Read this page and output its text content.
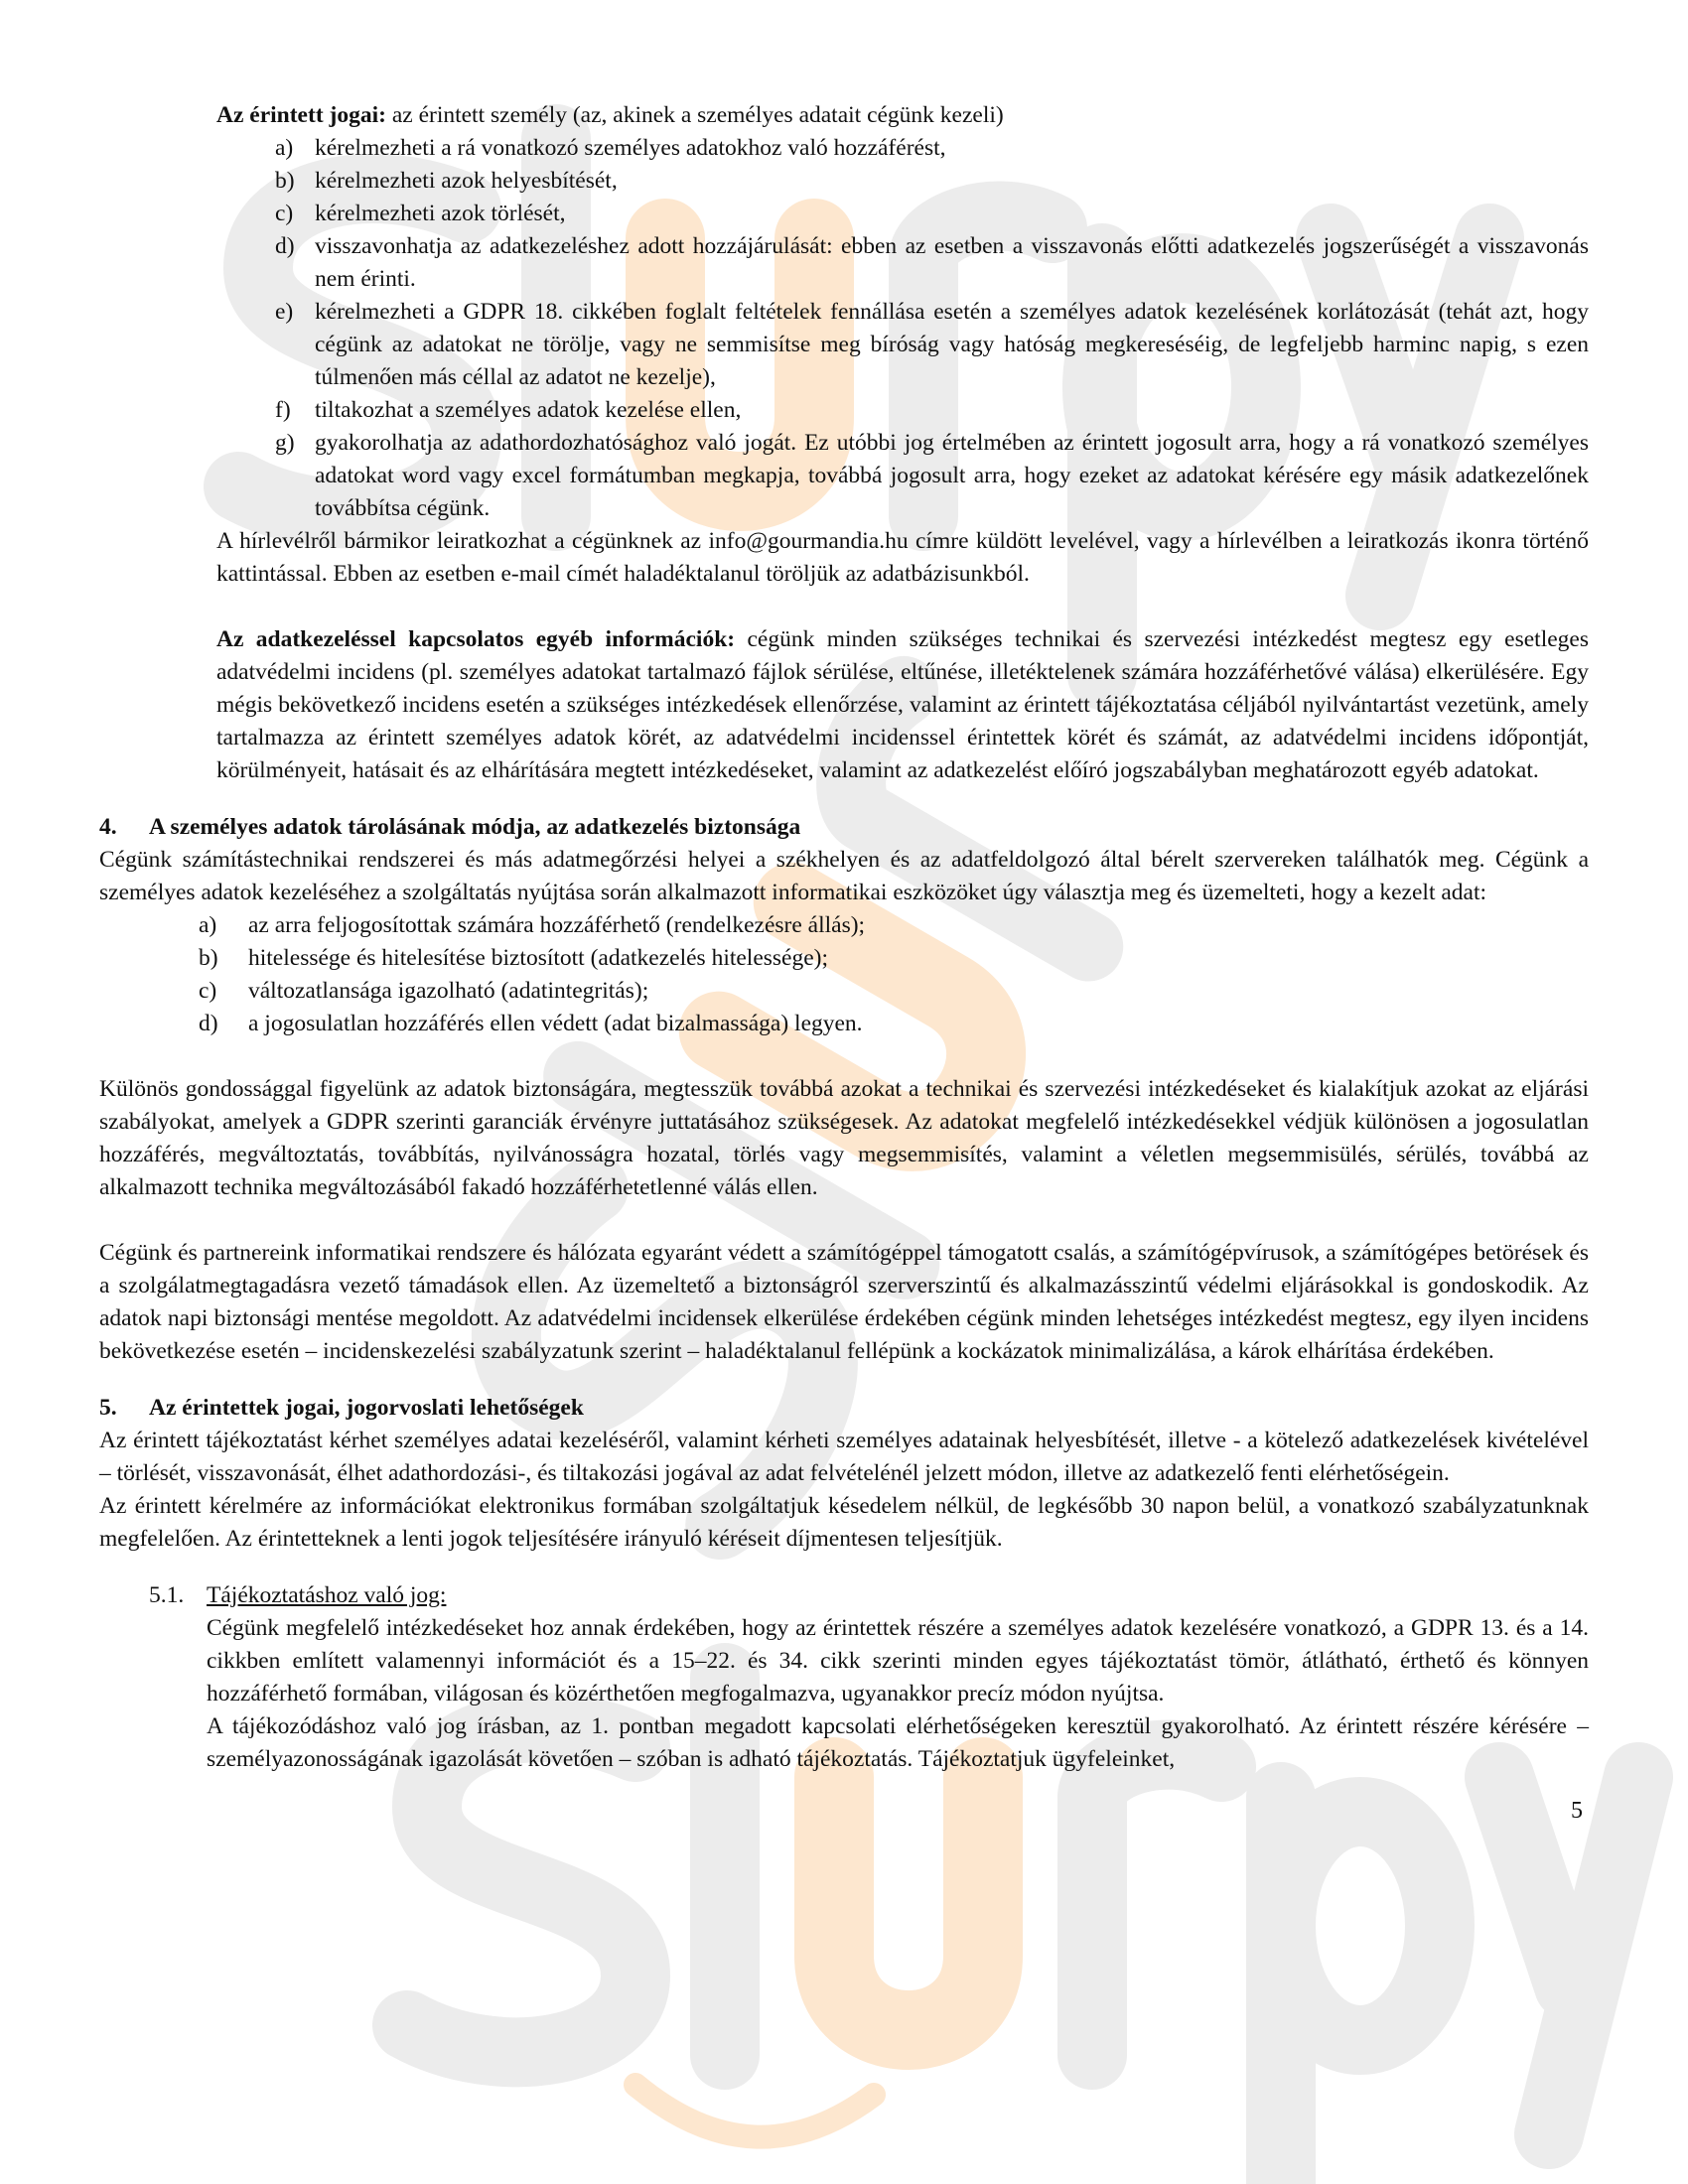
Az érintett jogai: az érintett személy (az, akinek a személyes adatait cégünk kezeli)

a) kérelmezheti a rá vonatkozó személyes adatokhoz való hozzáférést,
b) kérelmezheti azok helyesbítését,
c) kérelmezheti azok törlését,
d) visszavonhatja az adatkezeléshez adott hozzájárulását: ebben az esetben a visszavonás előtti adatkezelés jogszerűségét a visszavonás nem érinti.
e) kérelmezheti a GDPR 18. cikkében foglalt feltételek fennállása esetén a személyes adatok kezelésének korlátozását (tehát azt, hogy cégünk az adatokat ne törölje, vagy ne semmisítse meg bíróság vagy hatóság megkereséséig, de legfeljebb harminc napig, s ezen túlmenően más céllal az adatot ne kezelje),
f)	tiltakozhat a személyes adatok kezelése ellen,
g) gyakorolhatja az adathordozhatósághoz való jogát. Ez utóbbi jog értelmében az érintett jogosult arra, hogy a rá vonatkozó személyes adatokat word vagy excel formátumban megkapja, továbbá jogosult arra, hogy ezeket az adatokat kérésére egy másik adatkezelőnek továbbítsa cégünk.

A hírlevélről bármikor leiratkozhat a cégünknek az info@gourmandia.hu címre küldött levelével, vagy a hírlevélben a leiratkozás ikonra történő kattintással. Ebben az esetben e-mail címét haladéktalanul töröljük az adatbázisunkból.

Az adatkezeléssel kapcsolatos egyéb információk: cégünk minden szükséges technikai és szervezési intézkedést megtesz egy esetleges adatvédelmi incidens (pl. személyes adatokat tartalmazó fájlok sérülése, eltűnése, illetéktelenek számára hozzáférhetővé válása) elkerülésére. Egy mégis bekövetkező incidens esetén a szükséges intézkedések ellenőrzése, valamint az érintett tájékoztatása céljából nyilvántartást vezetünk, amely tartalmazza az érintett személyes adatok körét, az adatvédelmi incidenssel érintettek körét és számát, az adatvédelmi incidens időpontját, körülményeit, hatásait és az elhárítására megtett intézkedéseket, valamint az adatkezelést előíró jogszabályban meghatározott egyéb adatokat.

4.	A személyes adatok tárolásának módja, az adatkezelés biztonsága

Cégünk számítástechnikai rendszerei és más adatmegőrzési helyei a székhelyen és az adatfeldolgozó által bérelt szervereken találhatók meg. Cégünk a személyes adatok kezeléséhez a szolgáltatás nyújtása során alkalmazott informatikai eszközöket úgy választja meg és üzemelteti, hogy a kezelt adat:

a)	az arra feljogosítottak számára hozzáférhető (rendelkezésre állás);
b)	hitelessége és hitelesítése biztosított (adatkezelés hitelessége);
c)	változatlansága igazolható (adatintegritás);
d)	a jogosulatlan hozzáférés ellen védett (adat bizalmassága) legyen.

Különös gondossággal figyelünk az adatok biztonságára, megtesszük továbbá azokat a technikai és szervezési intézkedéseket és kialakítjuk azokat az eljárási szabályokat, amelyek a GDPR szerinti garanciák érvényre juttatásához szükségesek. Az adatokat megfelelő intézkedésekkel védjük különösen a jogosulatlan hozzáférés, megváltoztatás, továbbítás, nyilvánosságra hozatal, törlés vagy megsemmisítés, valamint a véletlen megsemmisülés, sérülés, továbbá az alkalmazott technika megváltozásából fakadó hozzáférhetetlenné válás ellen.

Cégünk és partnereink informatikai rendszere és hálózata egyaránt védett a számítógéppel támogatott csalás, a számítógépvírusok, a számítógépes betörések és a szolgálatmegtagadásra vezető támadások ellen. Az üzemeltető a biztonságról szerverszintű és alkalmazásszintű védelmi eljárásokkal is gondoskodik. Az adatok napi biztonsági mentése megoldott. Az adatvédelmi incidensek elkerülése érdekében cégünk minden lehetséges intézkedést megtesz, egy ilyen incidens bekövetkezése esetén – incidenskezelési szabályzatunk szerint – haladéktalanul fellépünk a kockázatok minimalizálása, a károk elhárítása érdekében.

5.	Az érintettek jogai, jogorvoslati lehetőségek

Az érintett tájékoztatást kérhet személyes adatai kezeléséről, valamint kérheti személyes adatainak helyesbítését, illetve - a kötelező adatkezelések kivételével – törlését, visszavonását, élhet adathordozási-, és tiltakozási jogával az adat felvételénél jelzett módon, illetve az adatkezelő fenti elérhetőségein.

Az érintett kérelmére az információkat elektronikus formában szolgáltatjuk késedelem nélkül, de legkésőbb 30 napon belül, a vonatkozó szabályzatunknak megfelelően. Az érintetteknek a lenti jogok teljesítésére irányuló kéréseit díjmentesen teljesítjük.

5.1. Tájékoztatáshoz való jog:

Cégünk megfelelő intézkedéseket hoz annak érdekében, hogy az érintettek részére a személyes adatok kezelésére vonatkozó, a GDPR 13. és a 14. cikkben említett valamennyi információt és a 15–22. és 34. cikk szerinti minden egyes tájékoztatást tömör, átlátható, érthető és könnyen hozzáférhető formában, világosan és közérthetően megfogalmazva, ugyanakkor precíz módon nyújtsa.

A tájékozódáshoz való jog írásban, az 1. pontban megadott kapcsolati elérhetőségeken keresztül gyakorolható. Az érintett részére kérésére – személyazonosságának igazolását követően – szóban is adható tájékoztatás. Tájékoztatjuk ügyfeleinket,

5
